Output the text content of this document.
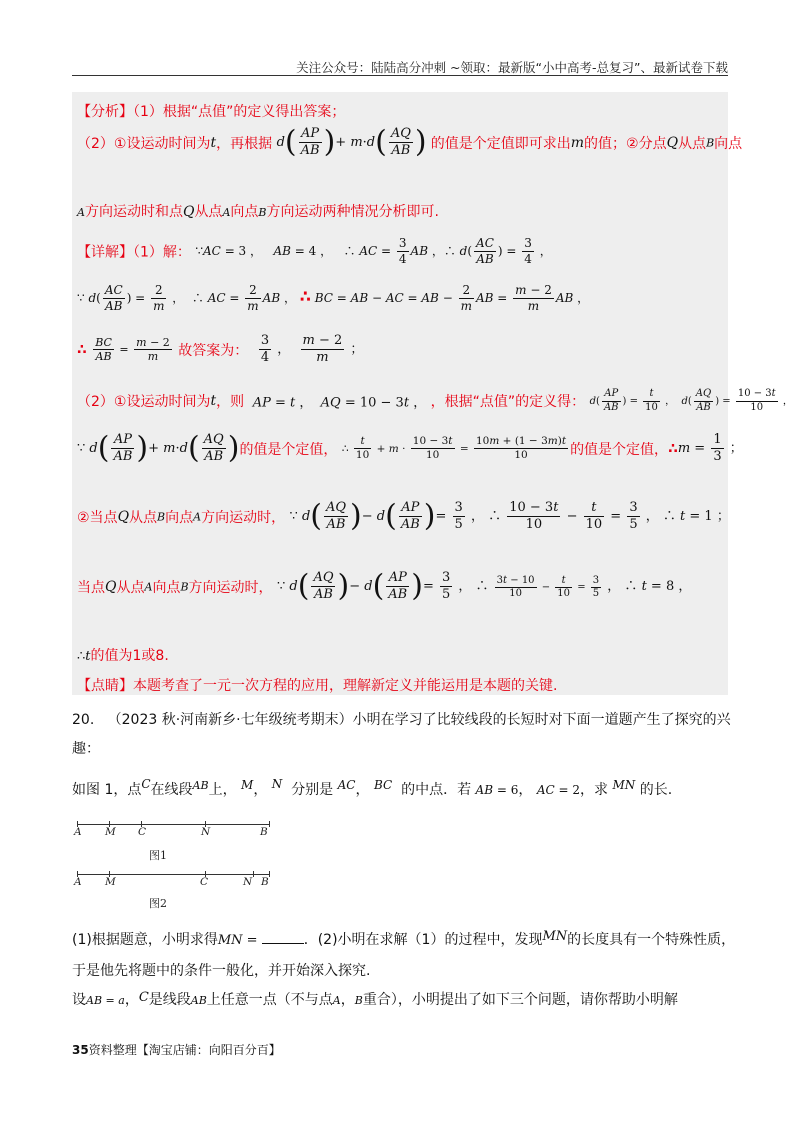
关注公众号：陆陆高分冲刺 ~领取：最新版“小中高考-总复习”、最新试卷下载
【分析】（1）根据“点值”的定义得出答案；
（2）①设运动时间为t，再根据 $d( \frac{AP}{AB}$ )+ $m\cdot d( \frac{AQ}{AB}$ ) 的值是个定值即可求出m的值；②分点Q从点B向点
A方向运动时和点Q从点A向点B方向运动两种情况分析即可.
【详解】（1）解： ∵AC = 3 ，   AB = 4 ，   ∴ AC = $\frac{3}{4}$ AB ，∴ $d( \frac{AC}{AB}$ ) = $\frac{3}{4}$ ，
∵ $d( \frac{AC}{AB}$ ) = $\frac{2}{m}$ ，  ∴ AC = $\frac{2}{m}$ AB ， ∴ BC = AB − AC = AB − $\frac{2}{m}$ AB = $\frac{m - 2}{m}$ AB ，
∴ $\frac{BC}{AB} = \frac{m - 2}{m}$ 故答案为： $\frac{3}{4}$ ， $\frac{m - 2}{m}$ ；
（2）①设运动时间为t，则 AP = t ，  AQ = 10 − 3t ， ，根据“点值”的定义得： $d( \frac{AP}{AB}$ ) = $\frac{t}{10}$ ，  $d( \frac{AQ}{AB}$ ) = $\frac{10 - 3t}{10}$ ，
∵ $d( \frac{AP}{AB}$ )+ $m\cdot d( \frac{AQ}{AB}$ )的值是个定值， ∴ $\frac{t}{10} + m \cdot \frac{10 - 3t}{10} = \frac{10m + (1 - 3m)t}{10}$ 的值是个定值，∴m = $\frac{1}{3}$ ；
②当点Q从点B向点A方向运动时， ∵ $d( \frac{AQ}{AB}$ )− $d( \frac{AP}{AB}$ )= $\frac{3}{5}$ ， ∴ $\frac{10 - 3t}{10} - \frac{t}{10} = \frac{3}{5}$ ， ∴ t = 1 ；
当点Q从点A向点B方向运动时， ∵ $d( \frac{AQ}{AB}$ )− $d( \frac{AP}{AB}$ )= $\frac{3}{5}$ ， ∴ $\frac{3t - 10}{10} - \frac{t}{10} = \frac{3}{5}$ ， ∴ t = 8 ，
∴t的值为1或8.
【点睛】本题考查了一元一次方程的应用，理解新定义并能运用是本题的关键.
20. （2023 秋·河南新乡·七年级统考期末）小明在学习了比较线段的长短时对下面一道题产生了探究的兴
趣：
如图 1，点C在线段$^{AB}$上， M， N 分别是 AC， BC 的中点．若 AB = 6， AC = 2，求 MN 的长.
A M C	N	B
图1
A M	C	N B
图2
(1)根据题意，小明求得MN =	．(2)小明在求解（1）的过程中，发现MN的长度具有一个特殊性质，
于是他先将题中的条件一般化，并开始深入探究.
设AB = a，C是线段AB上任意一点（不与点A，B重合），小明提出了如下三个问题，请你帮助小明解
35资料整理【淘宝店铺：向阳百分百】
